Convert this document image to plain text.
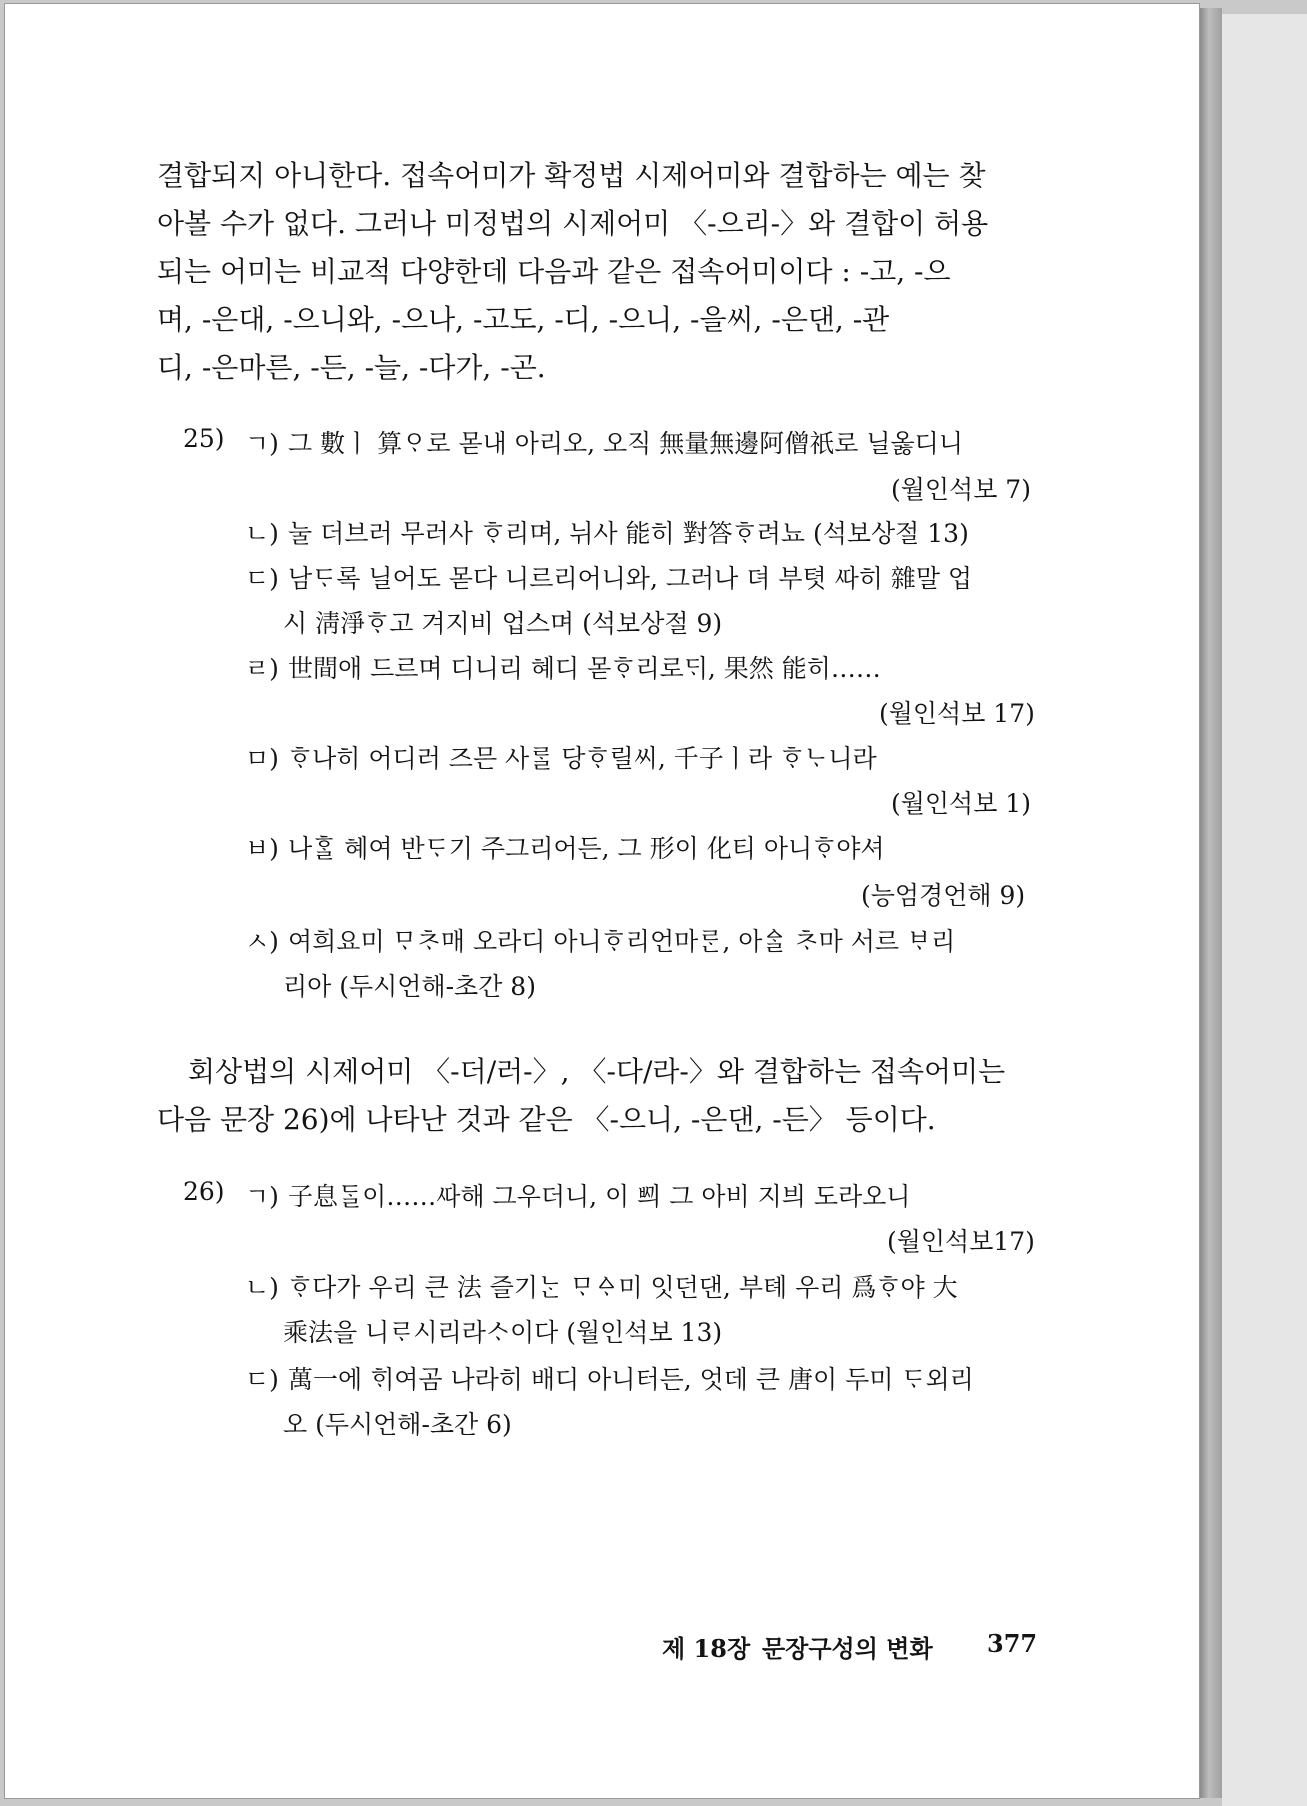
결합되지 아니한다. 접속어미가 확정법 시제어미와 결합하는 예는 찾
아볼 수가 없다. 그러나 미정법의 시제어미 〈-으리-〉와 결합이 허용
되는 어미는 비교적 다양한데 다음과 같은 접속어미이다 : -고, -으
며, -은대, -으니와, -으나, -고도, -디, -으니, -을씨, -은댄, -관
디, -은마른, -든, -늘, -다가, -곤.
25) ㄱ) 그 數ㅣ 算ᄋᆞ로 몯내 아리오, 오직 無量無邊阿僧祇로 닐옳디니
(월인석보 7)
ㄴ) 눌 더브러 무러사 ᄒᆞ리며, 뉘사 能히 對答ᄒᆞ려뇨 (석보상절 13)
ㄷ) 남ᄃᆞ록 닐어도 몯다 니르리어니와, 그러나 뎌 부텻 ᄯᅡ히 雜말 업
시 淸淨ᄒᆞ고 겨지비 업스며 (석보상절 9)
ㄹ) 世間애 드르며 디니리 혜디 몯ᄒᆞ리로ᄃᆡ, 果然 能히……
(월인석보 17)
ㅁ) ᄒᆞ나히 어디러 즈믄 사ᄅᆞᆯ 당ᄒᆞ릴씨, 千子ㅣ라 ᄒᆞᄂᆞ니라
(월인석보 1)
ㅂ) 나ᄒᆞᆯ 혜여 반ᄃᆞ기 주그리어든, 그 形이 化티 아니ᄒᆞ야셔
(능엄경언해 9)
ㅅ) 여희요미 ᄆᆞᄎᆞ매 오라디 아니ᄒᆞ리언마ᄅᆞᆫ, 아ᅀᆞᆯ ᄎᆞ마 서르 ᄇᆞ리
리아 (두시언해-초간 8)
회상법의 시제어미 〈-더/러-〉, 〈-다/라-〉와 결합하는 접속어미는
다음 문장 26)에 나타난 것과 같은 〈-으니, -은댄, -든〉 등이다.
26) ㄱ) 子息ᄃᆞᆯ이……ᄯᅡ해 그우더니, 이 ᄢᅴ 그 아비 지븨 도라오니
(월인석보17)
ㄴ) ᄒᆞ다가 우리 큰 法 즐기ᄂᆞᆫ ᄆᆞᅀᆞ미 잇던댄, 부톄 우리 爲ᄒᆞ야 大
乘法을 니ᄅᆞ시리라ᄉᆞ이다 (월인석보 13)
ㄷ) 萬一에 ᄒᆡ여곰 나라히 배디 아니터든, 엇데 큰 唐이 두미 ᄃᆞ외리
오 (두시언해-초간 6)
제 18장 문장구성의 변화 377
